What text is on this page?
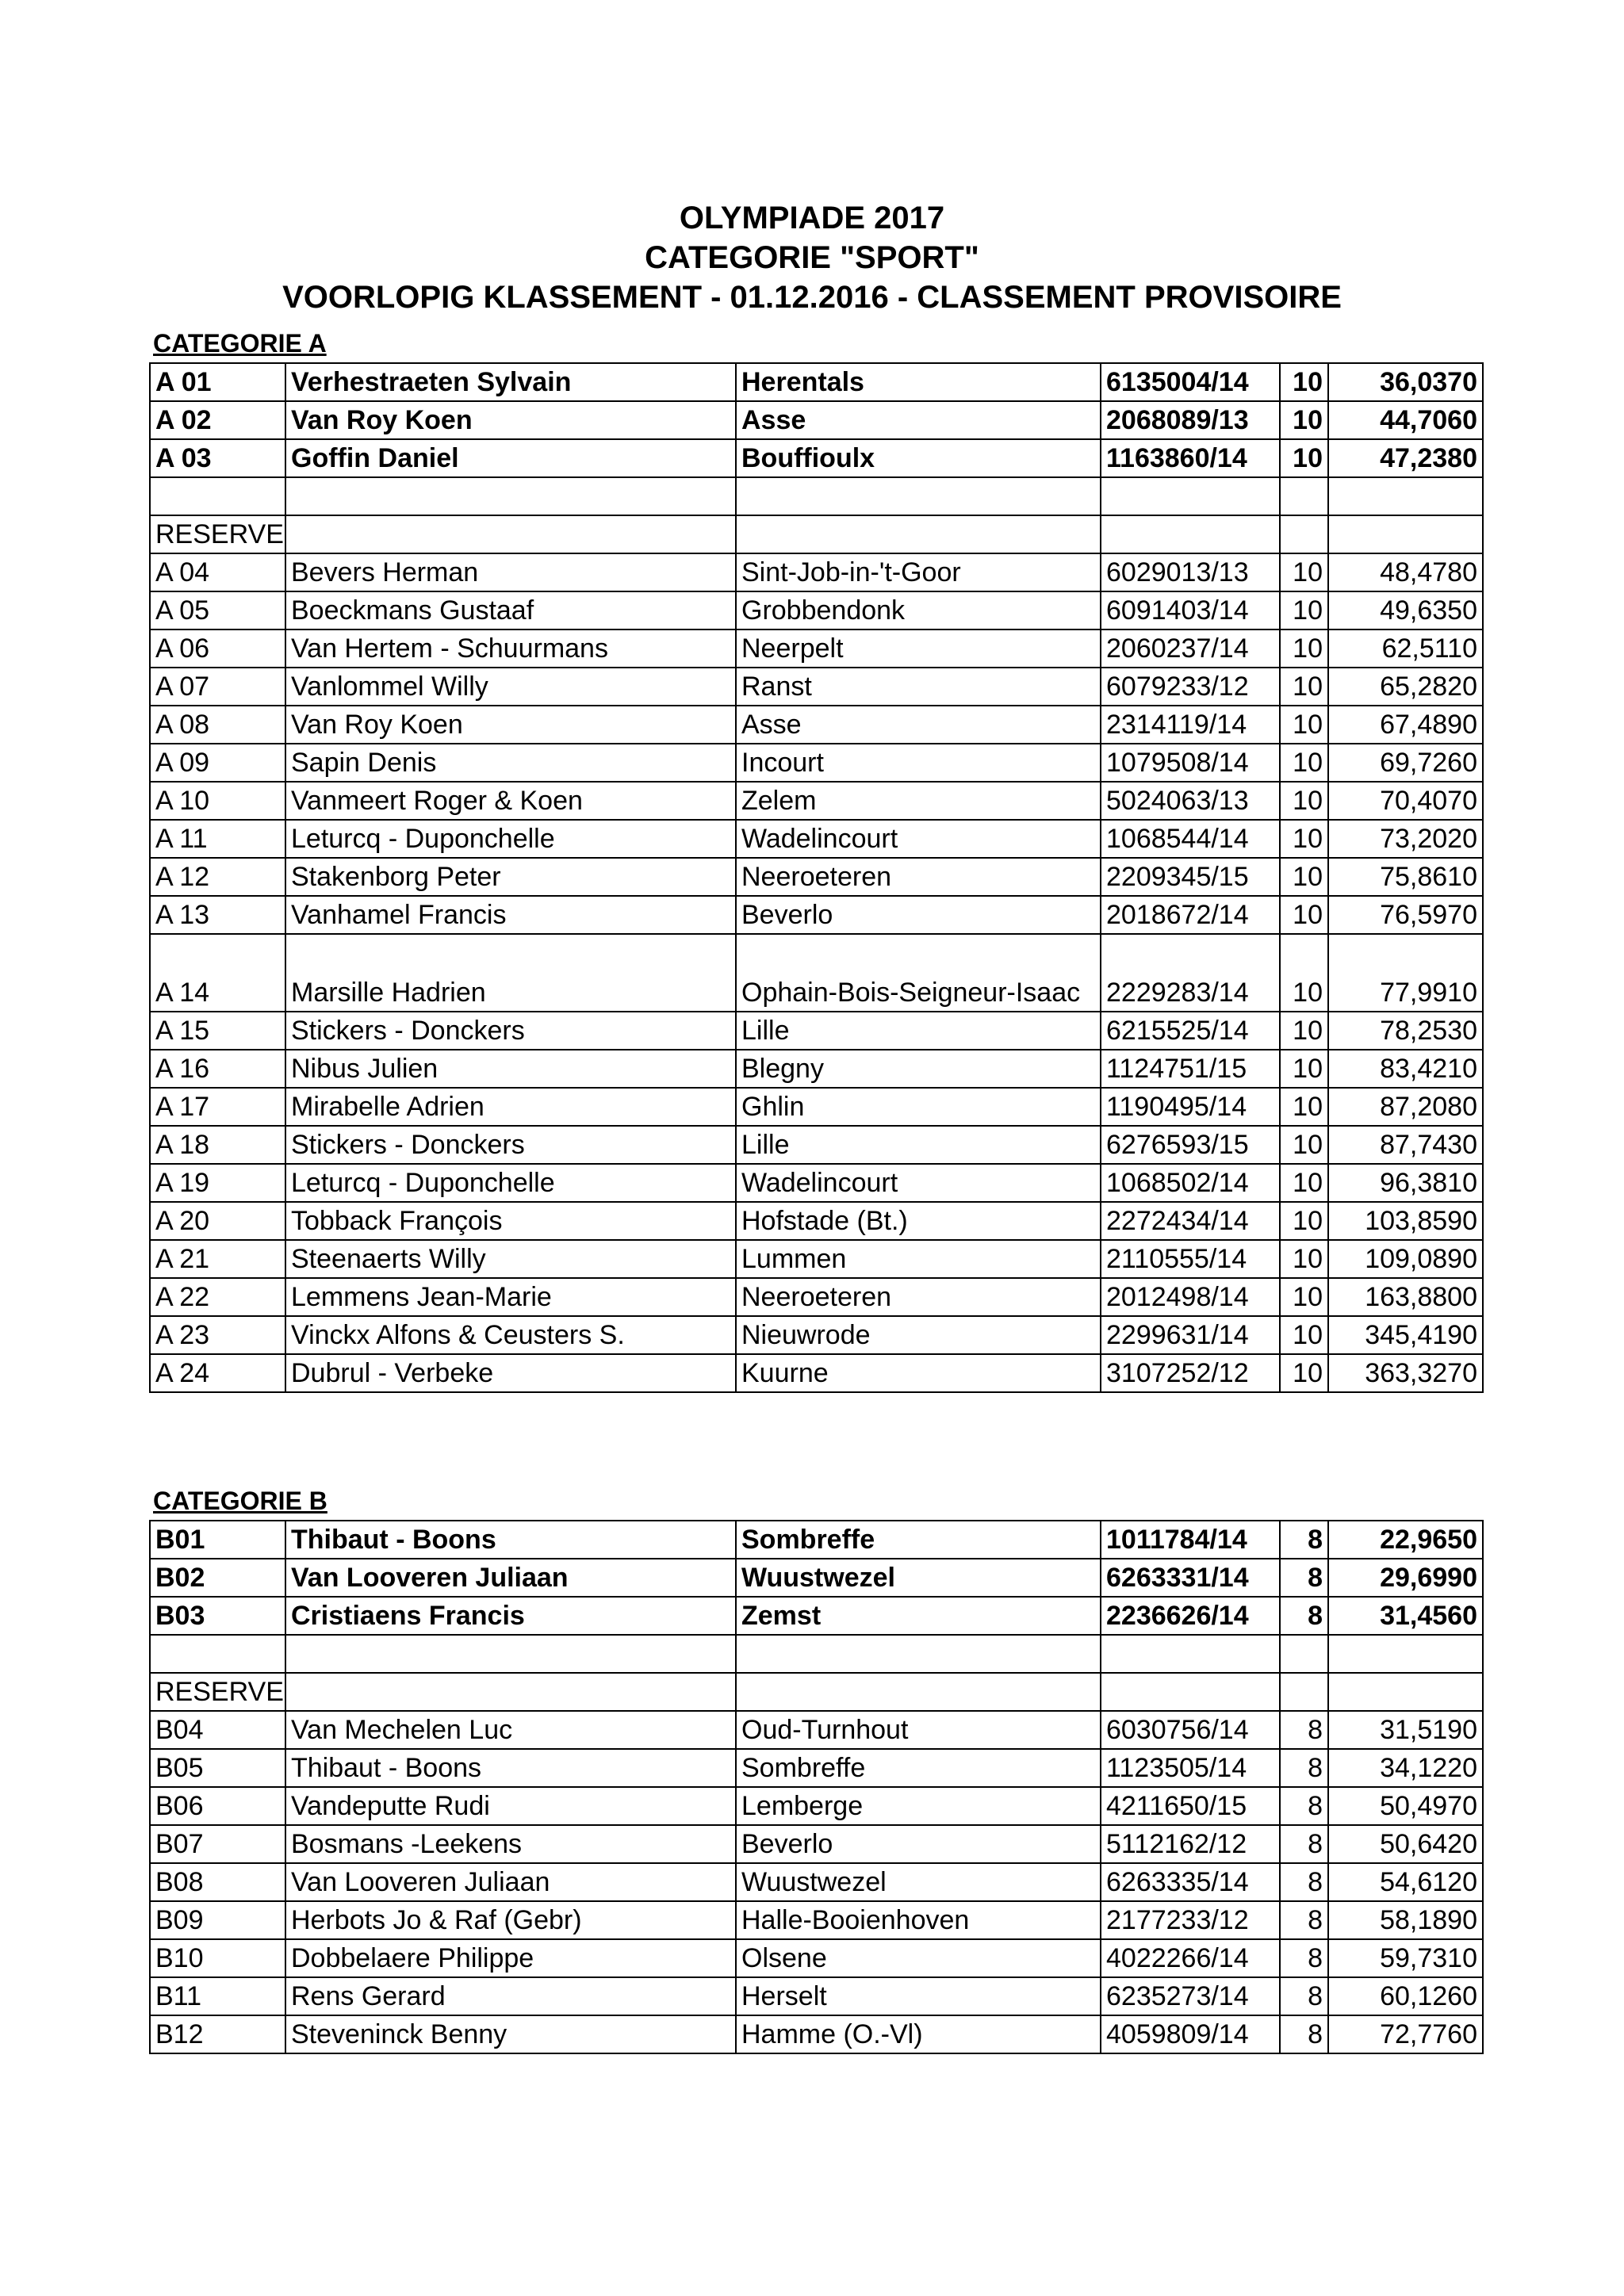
OLYMPIADE 2017
CATEGORIE "SPORT"
VOORLOPIG KLASSEMENT - 01.12.2016 - CLASSEMENT PROVISOIRE
CATEGORIE A
A 01	Verhestraeten Sylvain	Herentals	6135004/14	10	36,0370
A 02	Van Roy Koen	Asse	2068089/13	10	44,7060
A 03	Goffin Daniel	Bouffioulx	1163860/14	10	47,2380

RESERVE					
A 04	Bevers Herman	Sint-Job-in-'t-Goor	6029013/13	10	48,4780
A 05	Boeckmans Gustaaf	Grobbendonk	6091403/14	10	49,6350
A 06	Van Hertem - Schuurmans	Neerpelt	2060237/14	10	62,5110
A 07	Vanlommel Willy	Ranst	6079233/12	10	65,2820
A 08	Van Roy Koen	Asse	2314119/14	10	67,4890
A 09	Sapin Denis	Incourt	1079508/14	10	69,7260
A 10	Vanmeert Roger & Koen	Zelem	5024063/13	10	70,4070
A 11	Leturcq - Duponchelle	Wadelincourt	1068544/14	10	73,2020
A 12	Stakenborg Peter	Neeroeteren	2209345/15	10	75,8610
A 13	Vanhamel Francis	Beverlo	2018672/14	10	76,5970
A 14	Marsille Hadrien	Ophain-Bois-Seigneur-Isaac	2229283/14	10	77,9910
A 15	Stickers - Donckers	Lille	6215525/14	10	78,2530
A 16	Nibus Julien	Blegny	1124751/15	10	83,4210
A 17	Mirabelle Adrien	Ghlin	1190495/14	10	87,2080
A 18	Stickers - Donckers	Lille	6276593/15	10	87,7430
A 19	Leturcq - Duponchelle	Wadelincourt	1068502/14	10	96,3810
A 20	Tobback François	Hofstade (Bt.)	2272434/14	10	103,8590
A 21	Steenaerts Willy	Lummen	2110555/14	10	109,0890
A 22	Lemmens Jean-Marie	Neeroeteren	2012498/14	10	163,8800
A 23	Vinckx Alfons & Ceusters S.	Nieuwrode	2299631/14	10	345,4190
A 24	Dubrul - Verbeke	Kuurne	3107252/12	10	363,3270
CATEGORIE B
B01	Thibaut - Boons	Sombreffe	1011784/14	8	22,9650
B02	Van Looveren Juliaan	Wuustwezel	6263331/14	8	29,6990
B03	Cristiaens Francis	Zemst	2236626/14	8	31,4560

RESERVE					
B04	Van Mechelen Luc	Oud-Turnhout	6030756/14	8	31,5190
B05	Thibaut - Boons	Sombreffe	1123505/14	8	34,1220
B06	Vandeputte Rudi	Lemberge	4211650/15	8	50,4970
B07	Bosmans -Leekens	Beverlo	5112162/12	8	50,6420
B08	Van Looveren Juliaan	Wuustwezel	6263335/14	8	54,6120
B09	Herbots Jo & Raf (Gebr)	Halle-Booienhoven	2177233/12	8	58,1890
B10	Dobbelaere Philippe	Olsene	4022266/14	8	59,7310
B11	Rens Gerard	Herselt	6235273/14	8	60,1260
B12	Steveninck Benny	Hamme (O.-Vl)	4059809/14	8	72,7760
